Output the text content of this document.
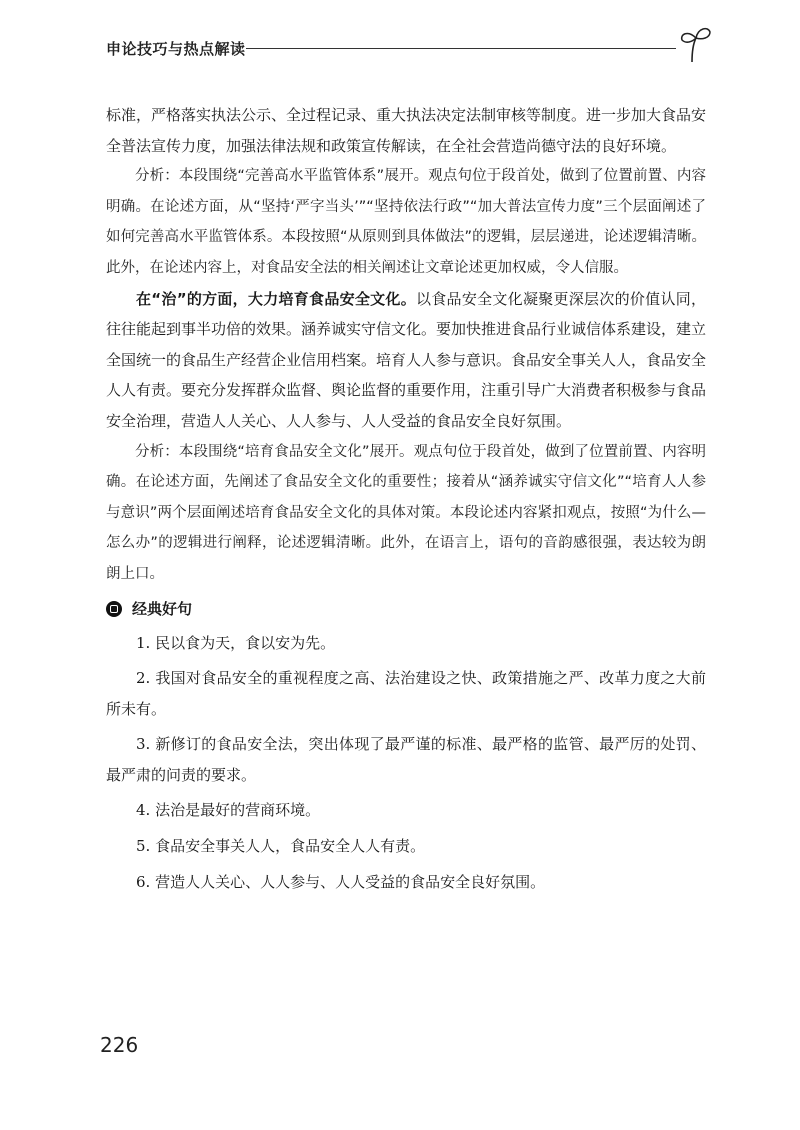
申论技巧与热点解读

标准，严格落实执法公示、全过程记录、重大执法决定法制审核等制度。进一步加大食品安全普法宣传力度，加强法律法规和政策宣传解读，在全社会营造尚德守法的良好环境。

分析：本段围绕“完善高水平监管体系”展开。观点句位于段首处，做到了位置前置、内容明确。在论述方面，从“坚持‘严字当头’”“坚持依法行政”“加大普法宣传力度”三个层面阐述了如何完善高水平监管体系。本段按照“从原则到具体做法”的逻辑，层层递进，论述逻辑清晰。此外，在论述内容上，对食品安全法的相关阐述让文章论述更加权威，令人信服。

在“治”的方面，大力培育食品安全文化。以食品安全文化凝聚更深层次的价值认同，往往能起到事半功倍的效果。涵养诚实守信文化。要加快推进食品行业诚信体系建设，建立全国统一的食品生产经营企业信用档案。培育人人参与意识。食品安全事关人人，食品安全人人有责。要充分发挥群众监督、舆论监督的重要作用，注重引导广大消费者积极参与食品安全治理，营造人人关心、人人参与、人人受益的食品安全良好氛围。

分析：本段围绕“培育食品安全文化”展开。观点句位于段首处，做到了位置前置、内容明确。在论述方面，先阐述了食品安全文化的重要性；接着从“涵养诚实守信文化”“培育人人参与意识”两个层面阐述培育食品安全文化的具体对策。本段论述内容紧扣观点，按照“为什么—怎么办”的逻辑进行阐释，论述逻辑清晰。此外，在语言上，语句的音韵感很强，表达较为朗朗上口。

经典好句
1. 民以食为天，食以安为先。
2. 我国对食品安全的重视程度之高、法治建设之快、政策措施之严、改革力度之大前所未有。
3. 新修订的食品安全法，突出体现了最严谨的标准、最严格的监管、最严厉的处罚、最严肃的问责的要求。
4. 法治是最好的营商环境。
5. 食品安全事关人人，食品安全人人有责。
6. 营造人人关心、人人参与、人人受益的食品安全良好氛围。
226
